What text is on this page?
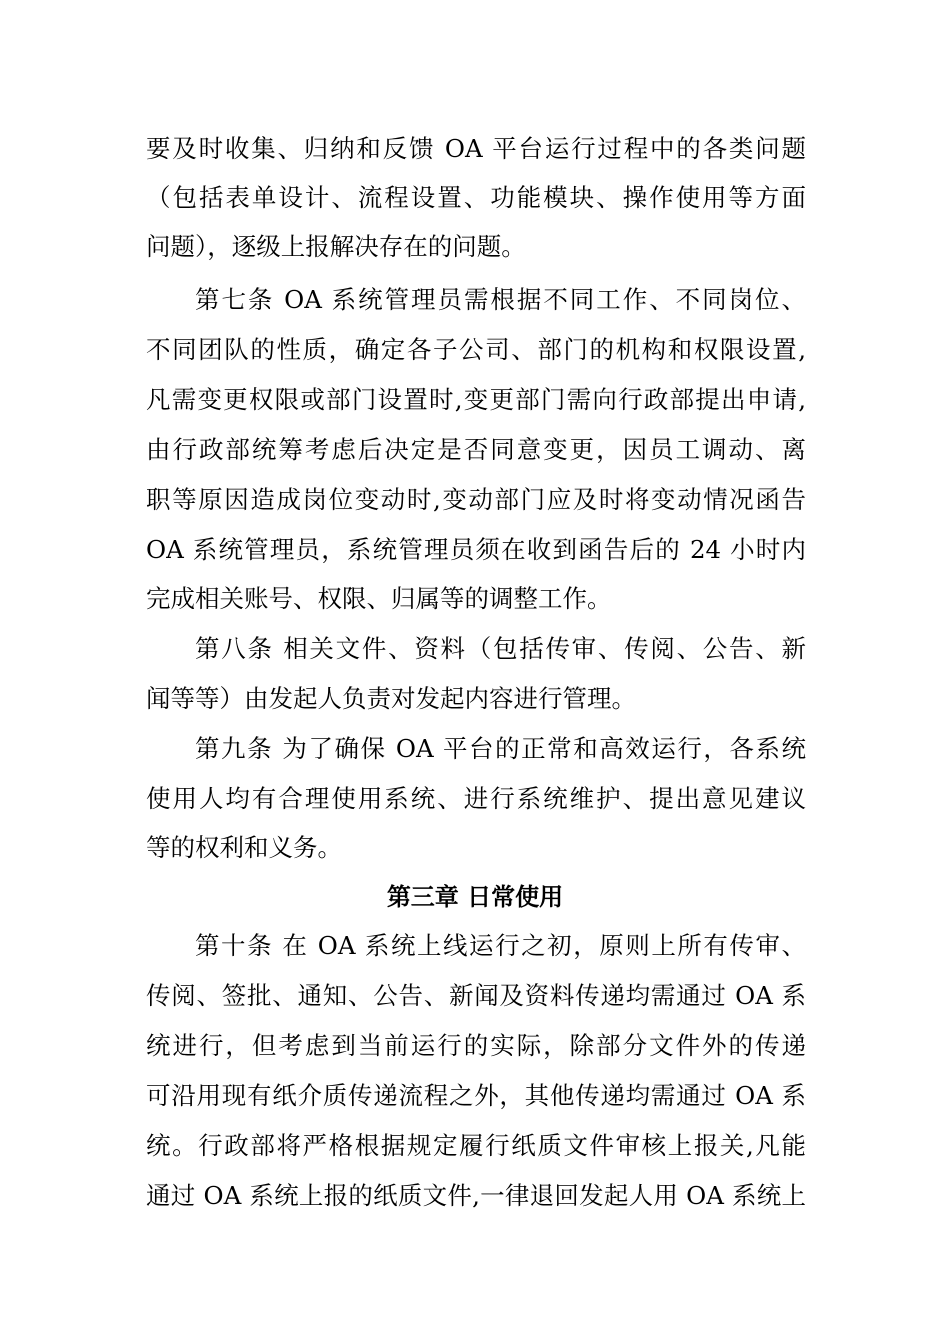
要及时收集、归纳和反馈 OA 平台运行过程中的各类问题
（包括表单设计、流程设置、功能模块、操作使用等方面
问题），逐级上报解决存在的问题。
第七条 OA 系统管理员需根据不同工作、不同岗位、
不同团队的性质，确定各子公司、部门的机构和权限设置,
凡需变更权限或部门设置时,变更部门需向行政部提出申请,
由行政部统筹考虑后决定是否同意变更，因员工调动、离
职等原因造成岗位变动时,变动部门应及时将变动情况函告
OA 系统管理员，系统管理员须在收到函告后的 24 小时内
完成相关账号、权限、归属等的调整工作。
第八条 相关文件、资料（包括传审、传阅、公告、新
闻等等）由发起人负责对发起内容进行管理。
第九条 为了确保 OA 平台的正常和高效运行，各系统
使用人均有合理使用系统、进行系统维护、提出意见建议
等的权利和义务。
第三章 日常使用
第十条 在 OA 系统上线运行之初，原则上所有传审、
传阅、签批、通知、公告、新闻及资料传递均需通过 OA 系
统进行，但考虑到当前运行的实际，除部分文件外的传递
可沿用现有纸介质传递流程之外，其他传递均需通过 OA 系
统。行政部将严格根据规定履行纸质文件审核上报关,凡能
通过 OA 系统上报的纸质文件,一律退回发起人用 OA 系统上
